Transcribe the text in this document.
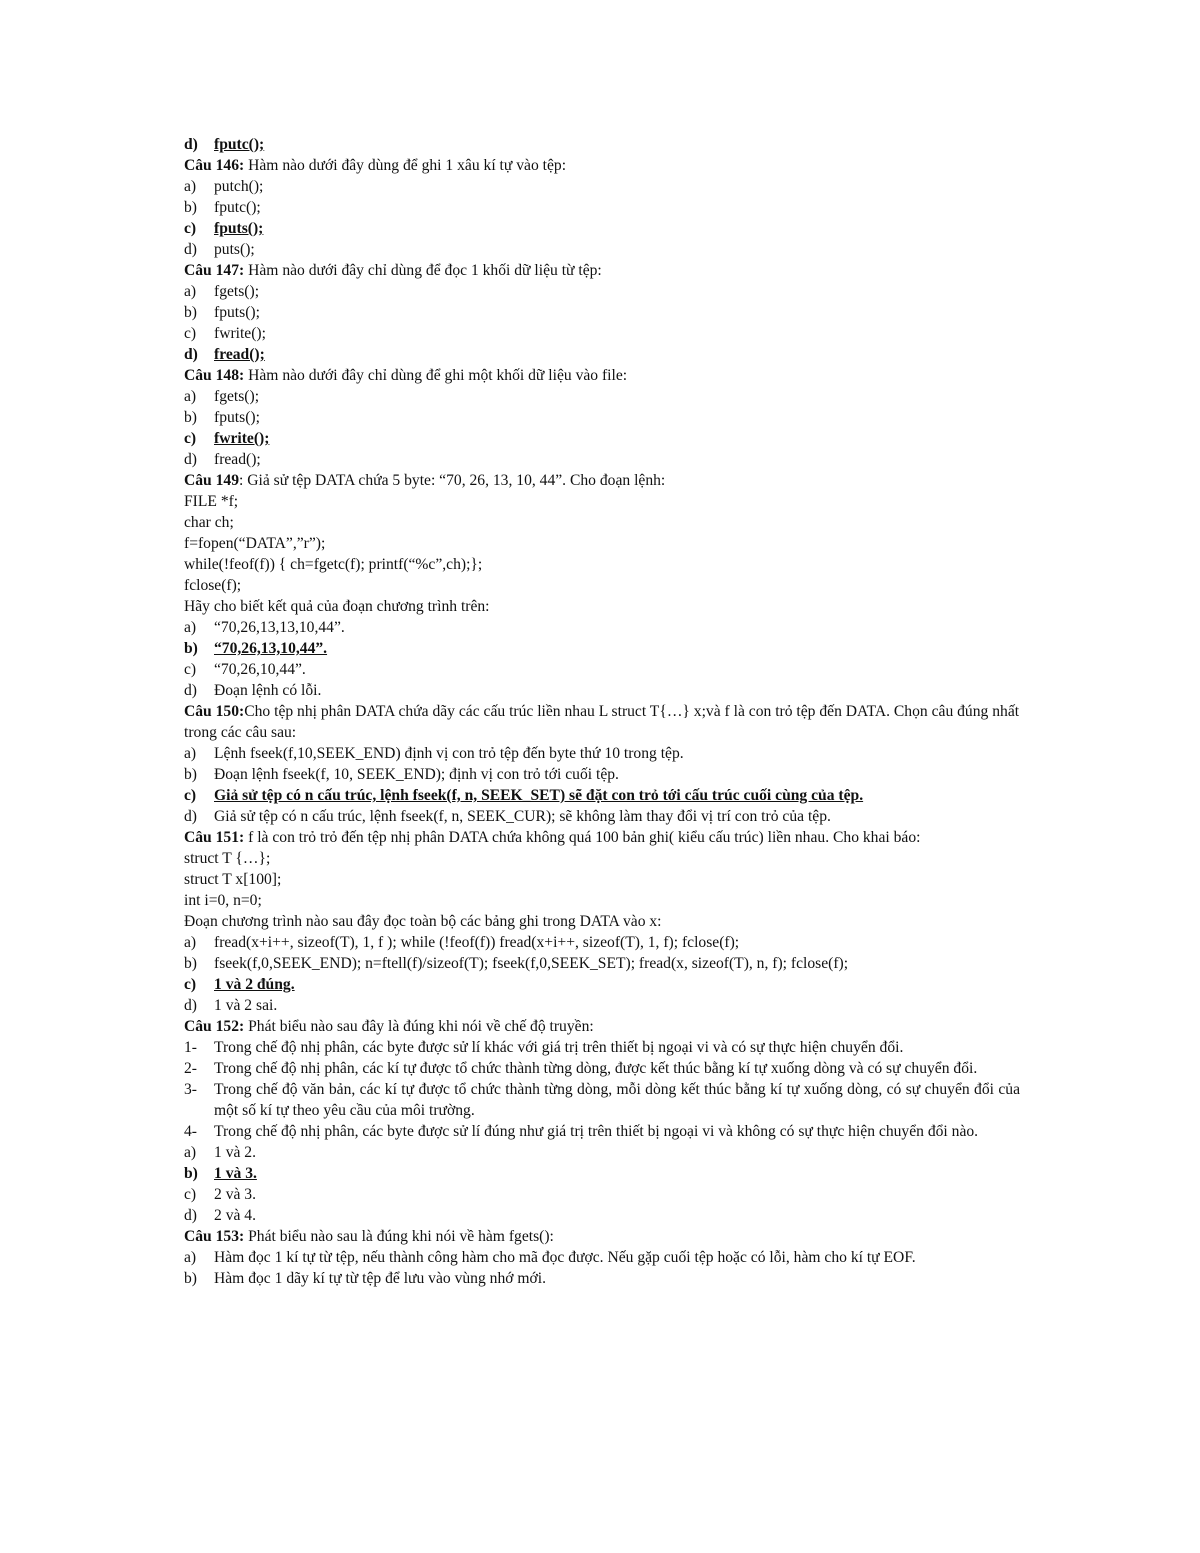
d)	fputc();
Câu 146: Hàm nào dưới đây dùng để ghi 1 xâu kí tự vào tệp:
a)	putch();
b)	fputc();
c)	fputs();
d)	puts();
Câu 147: Hàm nào dưới đây chỉ dùng để đọc 1 khối dữ liệu từ tệp:
a)	fgets();
b)	fputs();
c)	fwrite();
d)	fread();
Câu 148: Hàm nào dưới đây chỉ dùng để ghi một khối dữ liệu vào file:
a)	fgets();
b)	fputs();
c)	fwrite();
d)	fread();
Câu 149: Giả sử tệp DATA chứa 5 byte: “70, 26, 13, 10, 44”. Cho đoạn lệnh:
FILE *f;
char ch;
f=fopen(“DATA”,”r”);
while(!feof(f)) { ch=fgetc(f); printf(“%c”,ch);};
fclose(f);
Hãy cho biết kết quả của đoạn chương trình trên:
a)	“70,26,13,13,10,44”.
b)	“70,26,13,10,44”.
c)	“70,26,10,44”.
d)	Đoạn lệnh có lỗi.
Câu 150:Cho tệp nhị phân DATA chứa dãy các cấu trúc liền nhau L struct T{…} x;và f là con trỏ tệp đến DATA. Chọn câu đúng nhất trong các câu sau:
a)	Lệnh fseek(f,10,SEEK_END) định vị con trỏ tệp đến byte thứ 10 trong tệp.
b)	Đoạn lệnh fseek(f, 10, SEEK_END); định vị con trỏ tới cuối tệp.
c)	Giả sử tệp có n cấu trúc, lệnh fseek(f, n, SEEK_SET) sẽ đặt con trỏ tới cấu trúc cuối cùng của tệp.
d)	Giả sử tệp có n cấu trúc, lệnh fseek(f, n, SEEK_CUR); sẽ không làm thay đổi vị trí con trỏ của tệp.
Câu 151: f là con trỏ trỏ đến tệp nhị phân DATA chứa không quá 100 bản ghi( kiểu cấu trúc) liền nhau. Cho khai báo:
struct T {…};
struct T x[100];
int i=0, n=0;
Đoạn chương trình nào sau đây đọc toàn bộ các bảng ghi trong DATA vào x:
a)	fread(x+i++, sizeof(T), 1, f ); while (!feof(f)) fread(x+i++, sizeof(T), 1, f); fclose(f);
b)	fseek(f,0,SEEK_END); n=ftell(f)/sizeof(T); fseek(f,0,SEEK_SET); fread(x, sizeof(T), n, f); fclose(f);
c)	1 và 2 đúng.
d)	1 và 2 sai.
Câu 152: Phát biểu nào sau đây là đúng khi nói về chế độ truyền:
1-	Trong chế độ nhị phân, các byte được sử lí khác với giá trị trên thiết bị ngoại vi và có sự thực hiện chuyển đổi.
2-	Trong chế độ nhị phân, các kí tự được tổ chức thành từng dòng, được kết thúc bằng kí tự xuống dòng và có sự chuyển đổi.
3-	Trong chế độ văn bản, các kí tự được tổ chức thành từng dòng, mỗi dòng kết thúc bằng kí tự xuống dòng, có sự chuyển đổi của một số kí tự theo yêu cầu của môi trường.
4-	Trong chế độ nhị phân, các byte được sử lí đúng như giá trị trên thiết bị ngoại vi và không có sự thực hiện chuyển đổi nào.
a)	1 và 2.
b)	1 và 3.
c)	2 và 3.
d)	2 và 4.
Câu 153: Phát biểu nào sau là đúng khi nói về hàm fgets():
a)	Hàm đọc 1 kí tự từ tệp, nếu thành công hàm cho mã đọc được. Nếu gặp cuối tệp hoặc có lỗi, hàm cho kí tự EOF.
b)	Hàm đọc 1 dãy kí tự từ tệp để lưu vào vùng nhớ mới.
